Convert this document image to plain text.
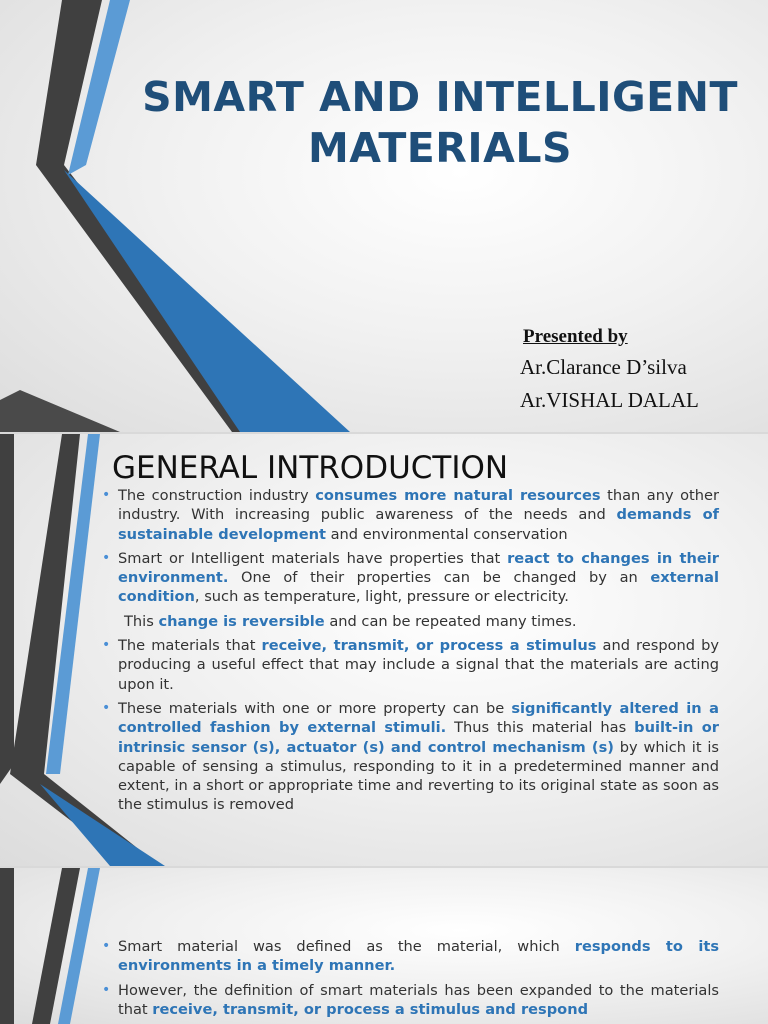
SMART AND INTELLIGENT
MATERIALS

Presented by

Ar.Clarance D’silva

Ar.VISHAL DALAL

GENERAL INTRODUCTION
• The construction industry consumes more natural resources than any other industry. With increasing public awareness of the needs and demands of sustainable development and environmental conservation
• Smart or Intelligent materials have properties that react to changes in their environment. One of their properties can be changed by an external condition, such as temperature, light, pressure or electricity.
This change is reversible and can be repeated many times.
• The materials that receive, transmit, or process a stimulus and respond by producing a useful effect that may include a signal that the materials are acting upon it.
• These materials with one or more property can be significantly altered in a controlled fashion by external stimuli. Thus this material has built-in or intrinsic sensor (s), actuator (s) and control mechanism (s) by which it is capable of sensing a stimulus, responding to it in a predetermined manner and extent, in a short or appropriate time and reverting to its original state as soon as the stimulus is removed
• Smart material was defined as the material, which responds to its environments in a timely manner.
• However, the definition of smart materials has been expanded to the materials that receive, transmit, or process a stimulus and respond
